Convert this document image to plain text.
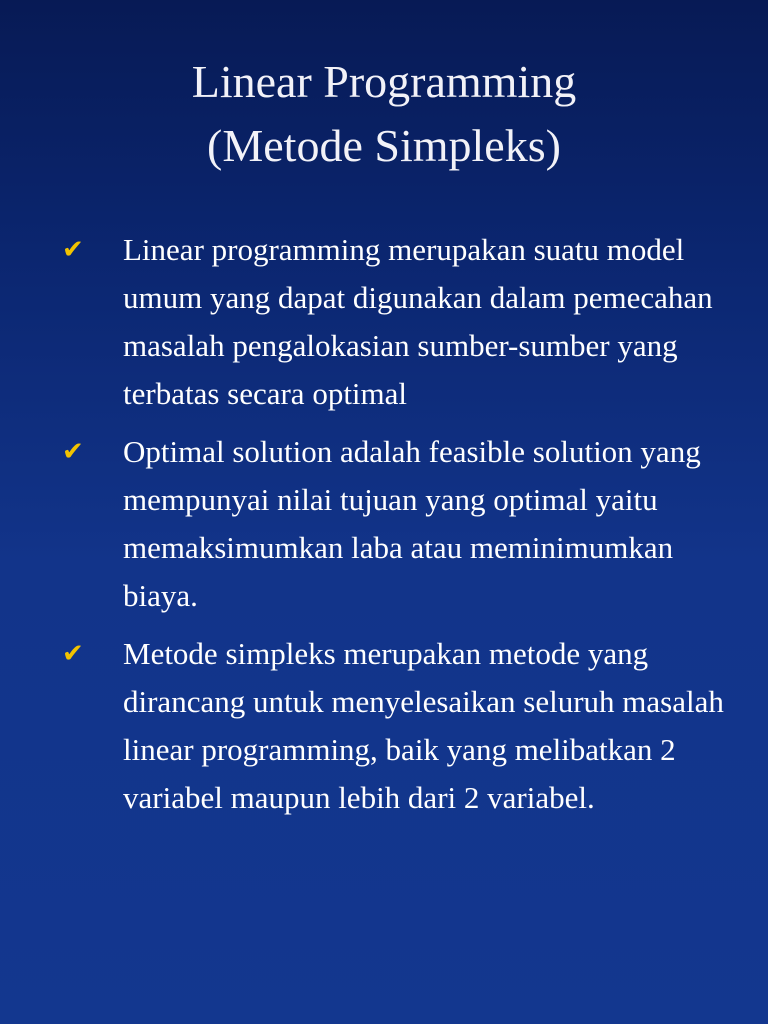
Linear Programming
(Metode Simpleks)
✔ Linear programming merupakan suatu model umum yang dapat digunakan dalam pemecahan masalah pengalokasian sumber-sumber yang terbatas secara optimal
✔ Optimal solution adalah feasible solution yang mempunyai nilai tujuan yang optimal yaitu memaksimumkan laba atau meminimumkan biaya.
✔ Metode simpleks merupakan metode yang dirancang untuk menyelesaikan seluruh masalah linear programming, baik yang melibatkan 2 variabel maupun lebih dari 2 variabel.
